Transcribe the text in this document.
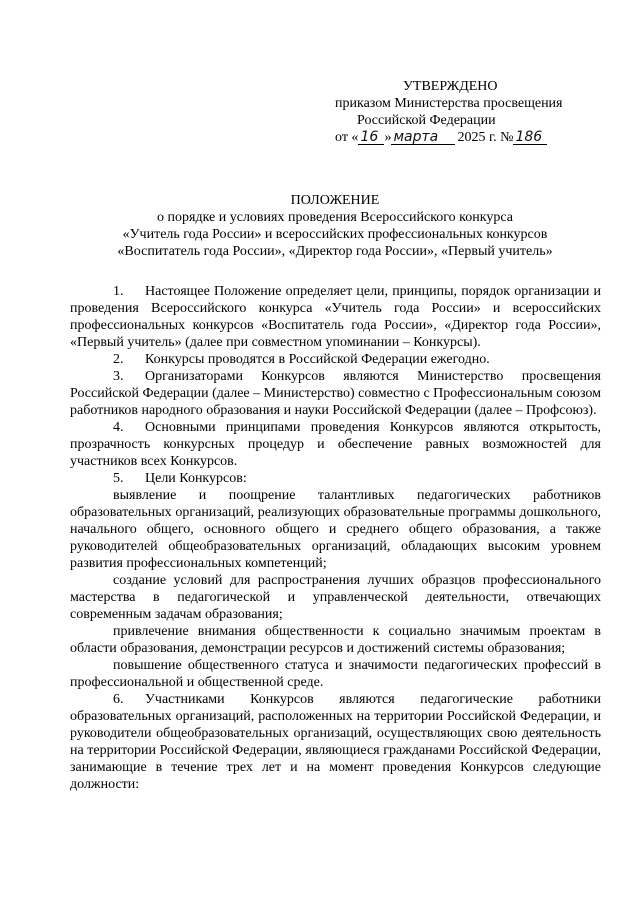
УТВЕРЖДЕНО
приказом Министерства просвещения
Российской Федерации
от « 16 » марта	2025 г. № 186
ПОЛОЖЕНИЕ
о порядке и условиях проведения Всероссийского конкурса
«Учитель года России» и всероссийских профессиональных конкурсов
«Воспитатель года России», «Директор года России», «Первый учитель»

1. Настоящее Положение определяет цели, принципы, порядок организации и проведения Всероссийского конкурса «Учитель года России» и всероссийских профессиональных конкурсов «Воспитатель года России», «Директор года России», «Первый учитель» (далее при совместном упоминании – Конкурсы).

2. Конкурсы проводятся в Российской Федерации ежегодно.

3. Организаторами Конкурсов являются Министерство просвещения Российской Федерации (далее – Министерство) совместно с Профессиональным союзом работников народного образования и науки Российской Федерации (далее – Профсоюз).

4. Основными принципами проведения Конкурсов являются открытость, прозрачность конкурсных процедур и обеспечение равных возможностей для участников всех Конкурсов.

5. Цели Конкурсов:

выявление и поощрение талантливых педагогических работников образовательных организаций, реализующих образовательные программы дошкольного, начального общего, основного общего и среднего общего образования, а также руководителей общеобразовательных организаций, обладающих высоким уровнем развития профессиональных компетенций;

создание условий для распространения лучших образцов профессионального мастерства в педагогической и управленческой деятельности, отвечающих современным задачам образования;

привлечение внимания общественности к социально значимым проектам в области образования, демонстрации ресурсов и достижений системы образования;

повышение общественного статуса и значимости педагогических профессий в профессиональной и общественной среде.

6. Участниками Конкурсов являются педагогические работники образовательных организаций, расположенных на территории Российской Федерации, и руководители общеобразовательных организаций, осуществляющих свою деятельность на территории Российской Федерации, являющиеся гражданами Российской Федерации, занимающие в течение трех лет и на момент проведения Конкурсов следующие должности:
